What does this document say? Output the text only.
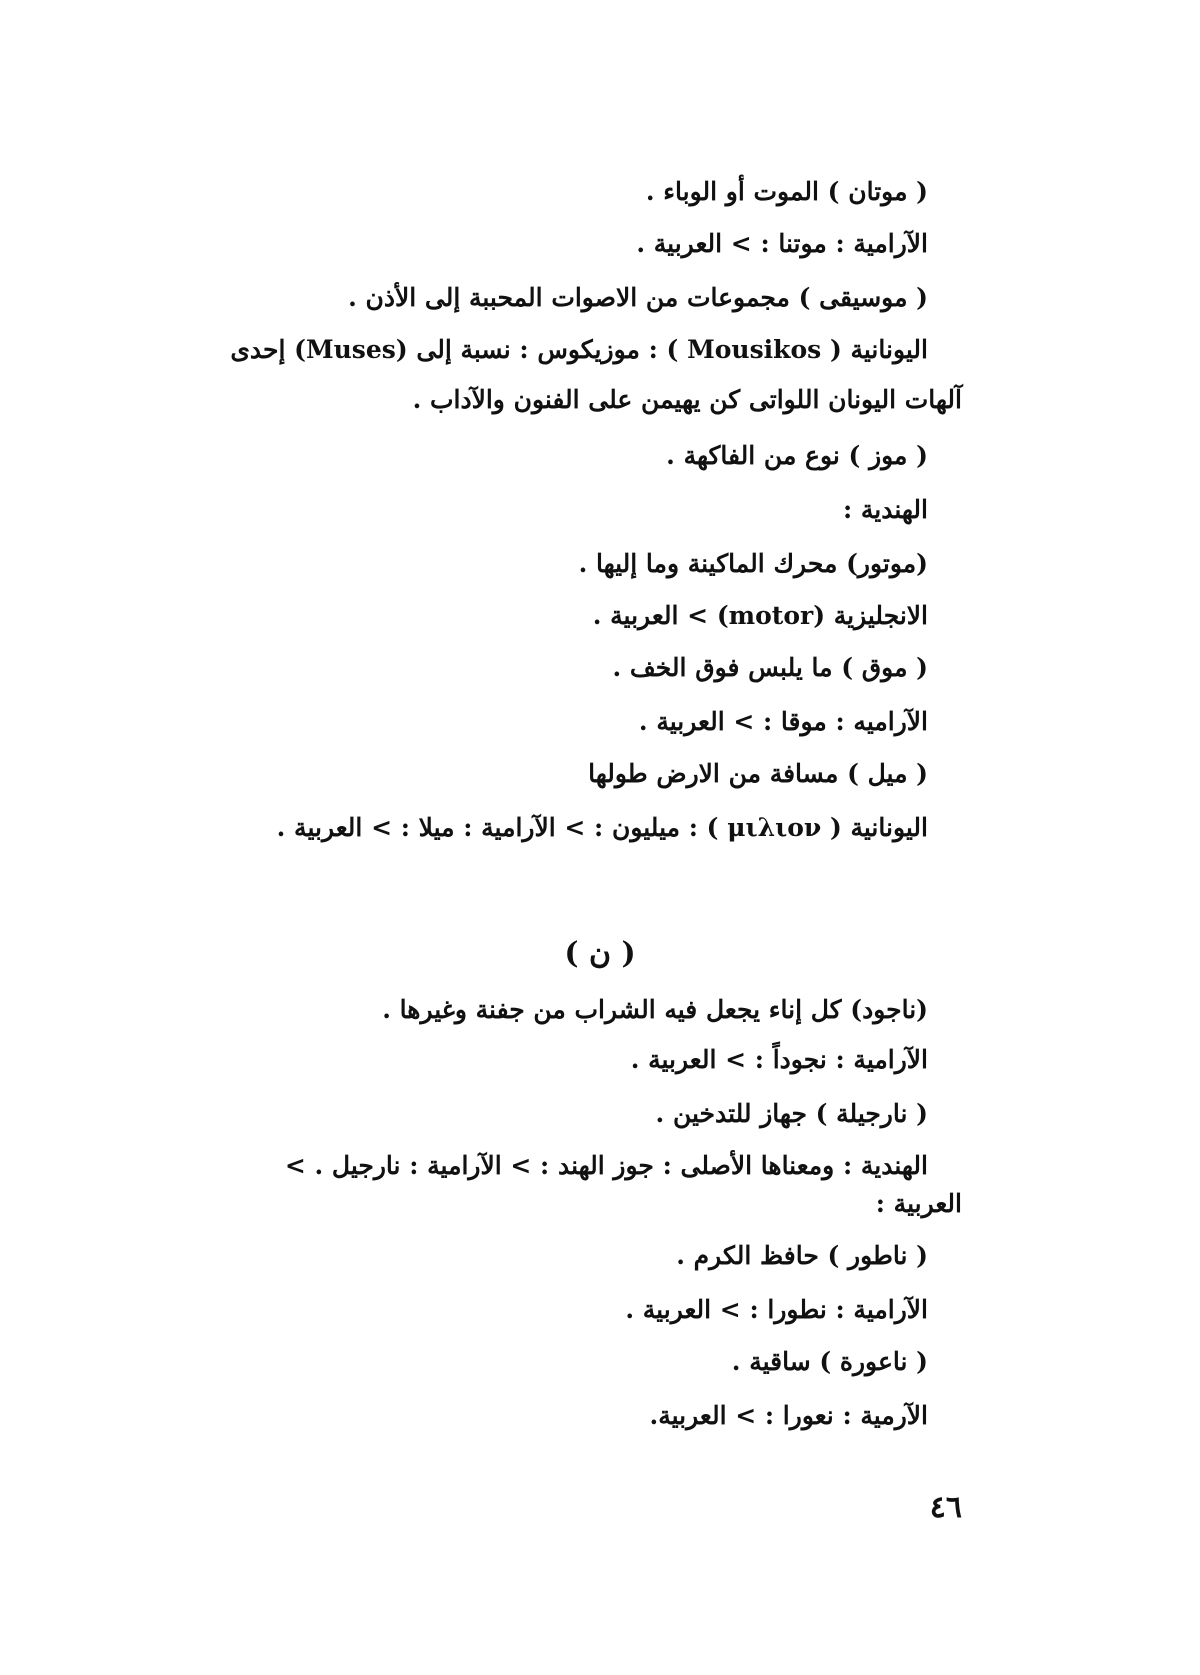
( موتان ) الموت أو الوباء .
الآرامية : موتنا : > العربية .
( موسيقى ) مجموعات من الاصوات المحببة إلى الأذن .
اليونانية ( Mousikos ) : موزيكوس : نسبة إلى (Muses) إحدى
آلهات اليونان اللواتى كن يهيمن على الفنون والآداب .
( موز ) نوع من الفاكهة .
الهندية :
(موتور) محرك الماكينة وما إليها .
الانجليزية (motor) > العربية .
( موق ) ما يلبس فوق الخف .
الآراميه : موقا : > العربية .
( ميل ) مسافة من الارض طولها
اليونانية ( μιλιον ) : ميليون : > الآرامية : ميلا : > العربية .
( ن )
(ناجود) كل إناء يجعل فيه الشراب من جفنة وغيرها .
الآرامية : نجوداً : > العربية .
( نارجيلة ) جهاز للتدخين .
الهندية : ومعناها الأصلى : جوز الهند : > الآرامية : نارجيل . >
العربية :
( ناطور ) حافظ الكرم .
الآرامية : نطورا : > العربية .
( ناعورة ) ساقية .
الآرمية : نعورا : > العربية.
٤٦
